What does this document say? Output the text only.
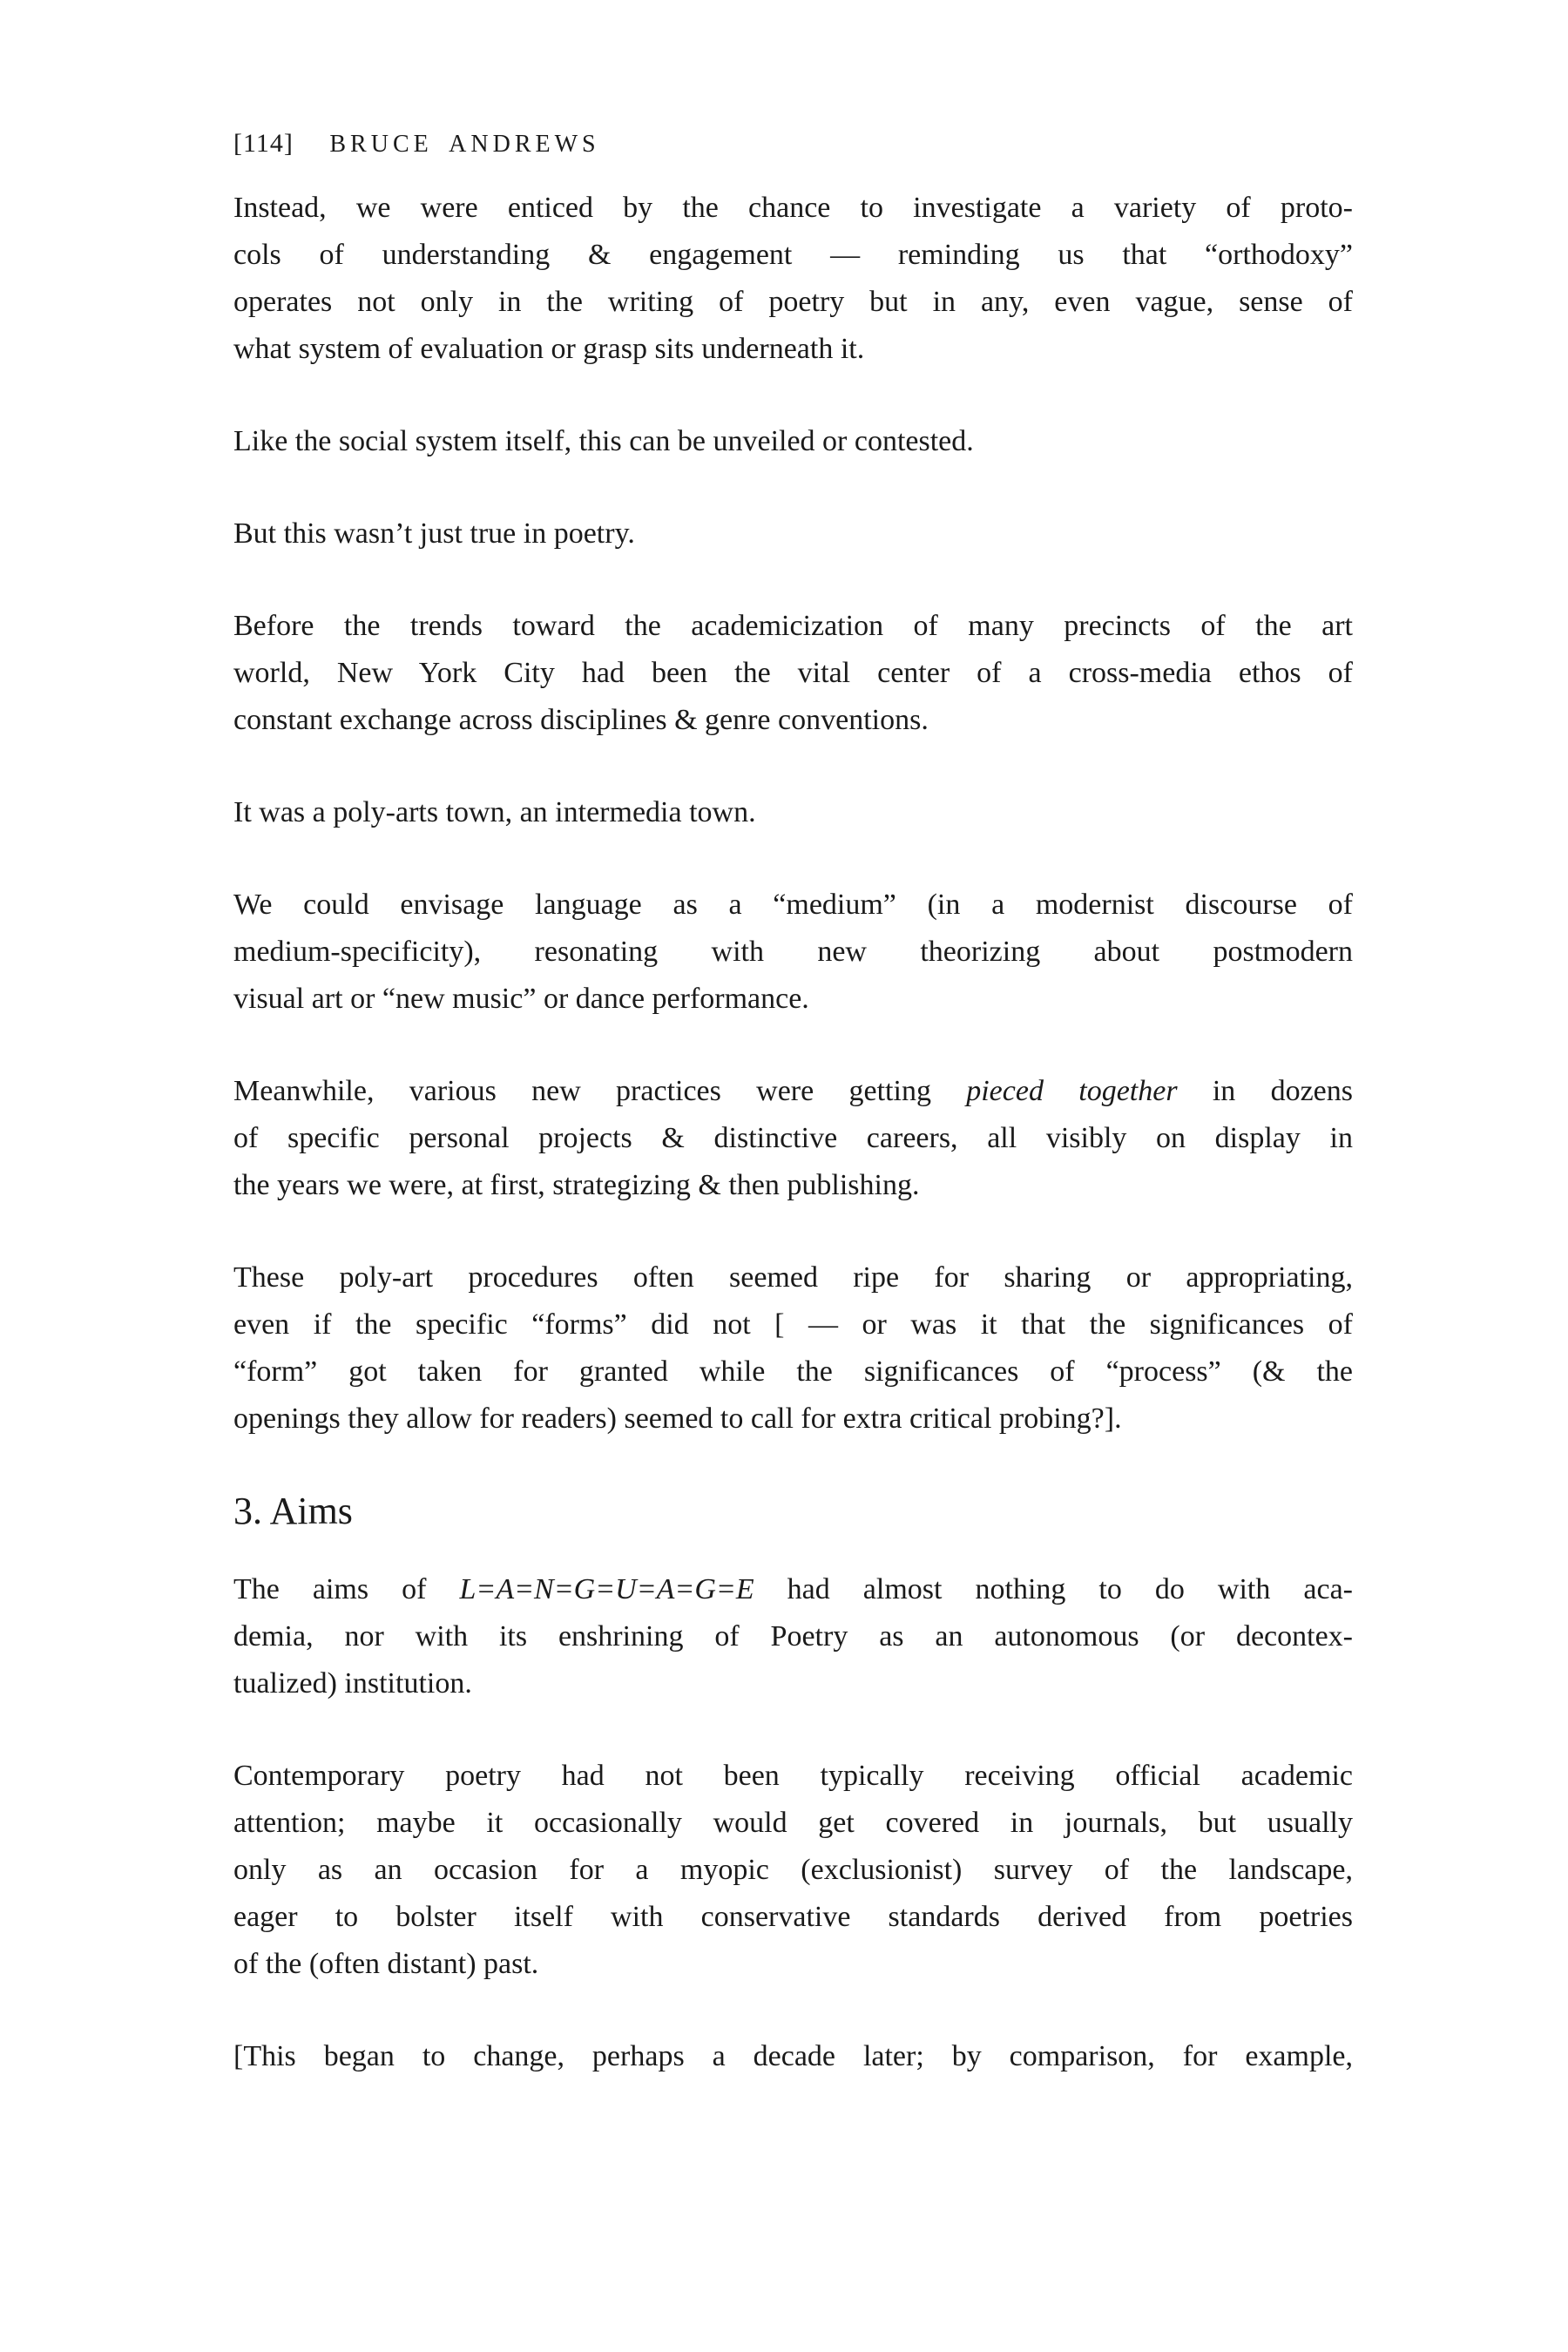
[114] BRUCE ANDREWS
Instead, we were enticed by the chance to investigate a variety of proto-
cols of understanding & engagement — reminding us that “orthodoxy”
operates not only in the writing of poetry but in any, even vague, sense of
what system of evaluation or grasp sits underneath it.
Like the social system itself, this can be unveiled or contested.
But this wasn’t just true in poetry.
Before the trends toward the academicization of many precincts of the art
world, New York City had been the vital center of a cross-media ethos of
constant exchange across disciplines & genre conventions.
It was a poly-arts town, an intermedia town.
We could envisage language as a “medium” (in a modernist discourse of
medium-specificity), resonating with new theorizing about postmodern
visual art or “new music” or dance performance.
Meanwhile, various new practices were getting pieced together in dozens
of specific personal projects & distinctive careers, all visibly on display in
the years we were, at first, strategizing & then publishing.
These poly-art procedures often seemed ripe for sharing or appropriating,
even if the specific “forms” did not [ — or was it that the significances of
“form” got taken for granted while the significances of “process” (& the
openings they allow for readers) seemed to call for extra critical probing?].
3. Aims
The aims of L=A=N=G=U=A=G=E had almost nothing to do with aca-
demia, nor with its enshrining of Poetry as an autonomous (or decontex-
tualized) institution.
Contemporary poetry had not been typically receiving official academic
attention; maybe it occasionally would get covered in journals, but usually
only as an occasion for a myopic (exclusionist) survey of the landscape,
eager to bolster itself with conservative standards derived from poetries
of the (often distant) past.
[This began to change, perhaps a decade later; by comparison, for example,
